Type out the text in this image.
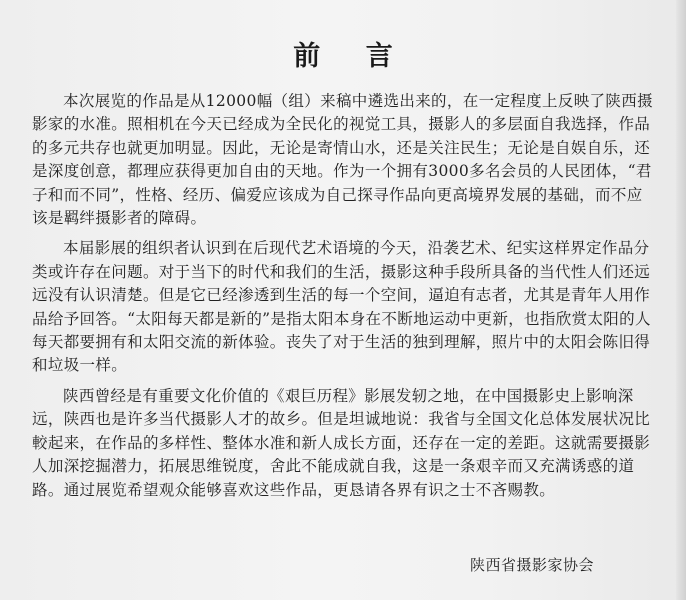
前 言

本次展览的作品是从12000幅（组）来稿中遴选出来的，在一定程度上反映了陕西摄影家的水准。照相机在今天已经成为全民化的视觉工具，摄影人的多层面自我选择，作品的多元共存也就更加明显。因此，无论是寄情山水，还是关注民生；无论是自娱自乐，还是深度创意，都理应获得更加自由的天地。作为一个拥有3000多名会员的人民团体，“君子和而不同”，性格、经历、偏爱应该成为自己探寻作品向更高境界发展的基础，而不应该是羁绊摄影者的障碍。

本届影展的组织者认识到在后现代艺术语境的今天，沿袭艺术、纪实这样界定作品分类或许存在问题。对于当下的时代和我们的生活，摄影这种手段所具备的当代性人们还远远没有认识清楚。但是它已经渗透到生活的每一个空间，逼迫有志者，尤其是青年人用作品给予回答。“太阳每天都是新的”是指太阳本身在不断地运动中更新，也指欣赏太阳的人每天都要拥有和太阳交流的新体验。丧失了对于生活的独到理解，照片中的太阳会陈旧得和垃圾一样。

陕西曾经是有重要文化价值的《艰巨历程》影展发轫之地，在中国摄影史上影响深远，陕西也是许多当代摄影人才的故乡。但是坦诚地说：我省与全国文化总体发展状况比較起来，在作品的多样性、整体水准和新人成长方面，还存在一定的差距。这就需要摄影人加深挖掘潜力，拓展思维锐度，舍此不能成就自我，这是一条艰辛而又充满诱惑的道路。通过展览希望观众能够喜欢这些作品，更恳请各界有识之士不吝赐教。

陕西省摄影家协会
